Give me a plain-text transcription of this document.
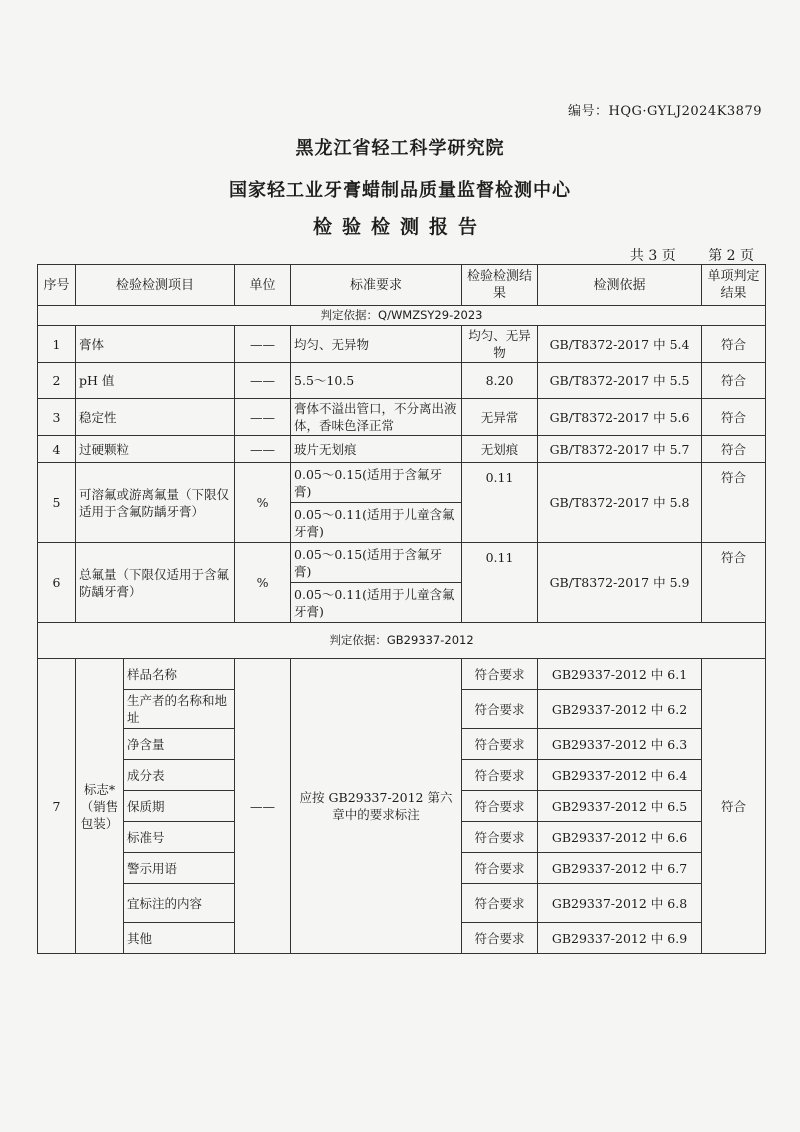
编号：HQG·GYLJ2024K3879
黑龙江省轻工科学研究院
国家轻工业牙膏蜡制品质量监督检测中心
检验检测报告
共 3 页 第 2 页
序号	检验检测项目		单位	标准要求	检验检测结果	检测依据	单项判定结果
判定依据：Q/WMZSY29-2023							
1	膏体		——	均匀、无异物	均匀、无异物	GB/T8372-2017 中 5.4	符合
2	pH 值		——	5.5～10.5	8.20	GB/T8372-2017 中 5.5	符合
3	稳定性		——	膏体不溢出管口，不分离出液体，香味色泽正常	无异常	GB/T8372-2017 中 5.6	符合
4	过硬颗粒		——	玻片无划痕	无划痕	GB/T8372-2017 中 5.7	符合
5	可溶氟或游离氟量（下限仅适用于含氟防龋牙膏）		%	0.05～0.15(适用于含氟牙膏)	0.11	GB/T8372-2017 中 5.8	符合
				0.05～0.11(适用于儿童含氟牙膏)			
6	总氟量（下限仅适用于含氟防龋牙膏）		%	0.05～0.15(适用于含氟牙膏)	0.11	GB/T8372-2017 中 5.9	符合
				0.05～0.11(适用于儿童含氟牙膏)			
判定依据：GB29337-2012							
7	标志*（销售包装）	样品名称	——	应按 GB29337-2012 第六章中的要求标注	符合要求	GB29337-2012 中 6.1	符合
		生产者的名称和地址			符合要求	GB29337-2012 中 6.2	
		净含量			符合要求	GB29337-2012 中 6.3	
		成分表			符合要求	GB29337-2012 中 6.4	
		保质期			符合要求	GB29337-2012 中 6.5	
		标准号			符合要求	GB29337-2012 中 6.6	
		警示用语			符合要求	GB29337-2012 中 6.7	
		宜标注的内容			符合要求	GB29337-2012 中 6.8	
		其他			符合要求	GB29337-2012 中 6.9	
